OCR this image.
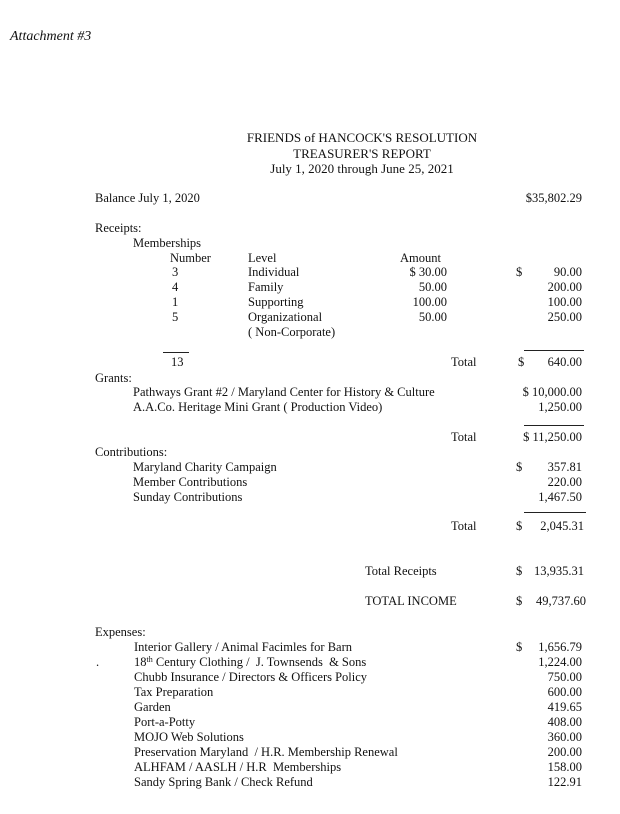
Attachment #3
FRIENDS of HANCOCK'S RESOLUTION
TREASURER'S REPORT
July 1, 2020 through June 25, 2021
Balance July 1, 2020	$35,802.29
Receipts:
Memberships
Number	Level	Amount
3	Individual	$ 30.00	$	90.00
4	Family	50.00	200.00
1	Supporting	100.00	100.00
5	Organizational	50.00	250.00
( Non-Corporate)
13	Total	$	640.00
Grants:
Pathways Grant #2 / Maryland Center for History & Culture	$ 10,000.00
A.A.Co. Heritage Mini Grant ( Production Video)	1,250.00
Total	$ 11,250.00
Contributions:
Maryland Charity Campaign	$	357.81
Member Contributions	220.00
Sunday Contributions	1,467.50
Total	$	2,045.31
Total Receipts	$ 13,935.31
TOTAL INCOME	$	49,737.60
Expenses:
Interior Gallery / Animal Facimles for Barn	$	1,656.79
.	18th Century Clothing /  J. Townsends  & Sons	1,224.00
Chubb Insurance / Directors & Officers Policy	750.00
Tax Preparation	600.00
Garden	419.65
Port-a-Potty	408.00
MOJO Web Solutions	360.00
Preservation Maryland  / H.R. Membership Renewal	200.00
ALHFAM / AASLH / H.R  Memberships	158.00
Sandy Spring Bank / Check Refund	122.91
